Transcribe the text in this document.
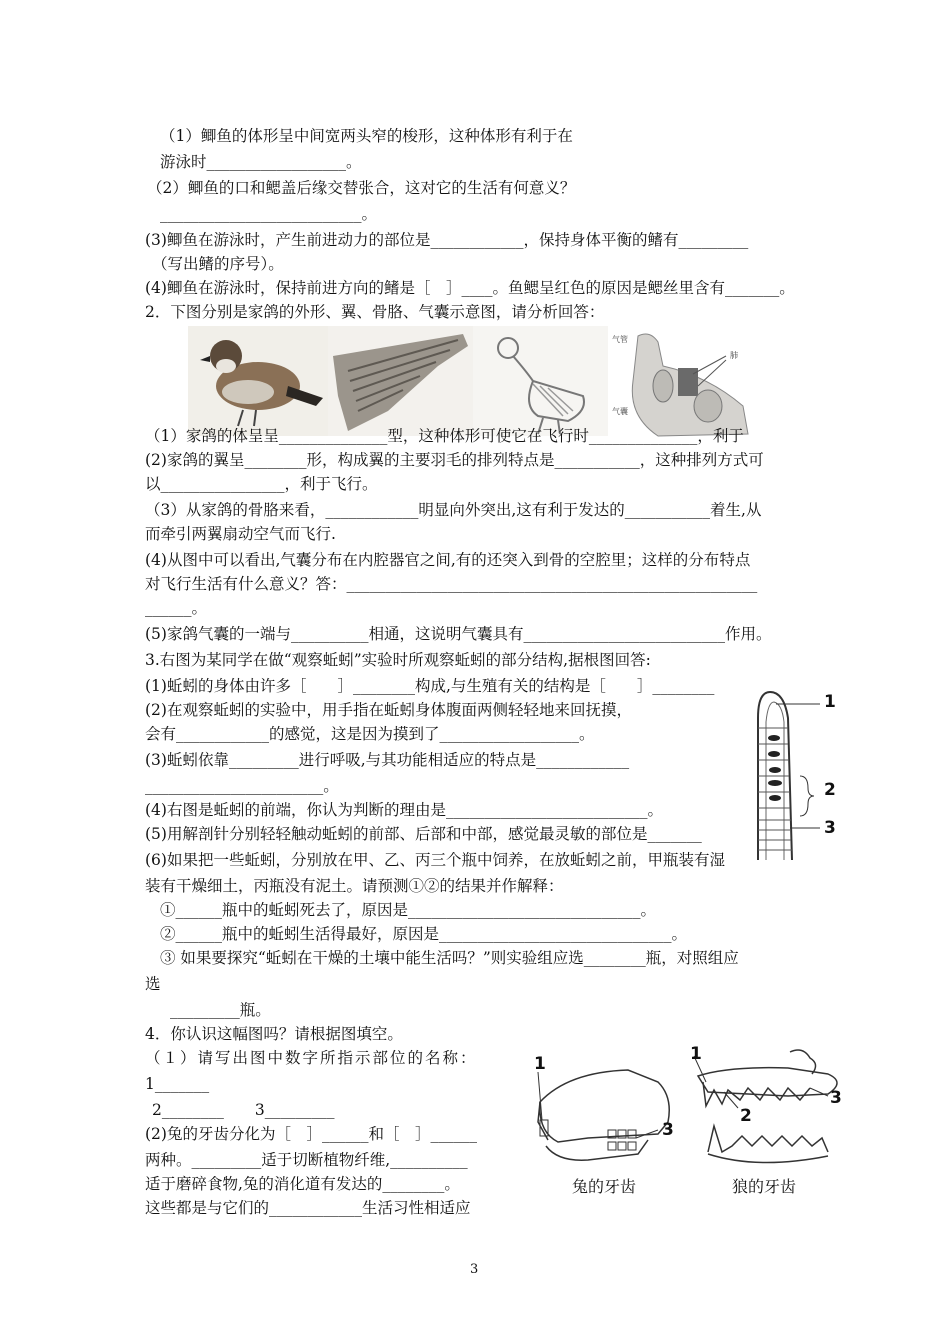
（1）鲫鱼的体形呈中间宽两头窄的梭形，这种体形有利于在
游泳时__________________。
（2）鲫鱼的口和鳃盖后缘交替张合，这对它的生活有何意义？
__________________________。
(3)鲫鱼在游泳时，产生前进动力的部位是____________，保持身体平衡的鳍有_________
（写出鳍的序号）。
(4)鲫鱼在游泳时，保持前进方向的鳍是［　］____。鱼鳃呈红色的原因是鳃丝里含有_______。
2．下图分别是家鸽的外形、翼、骨胳、气囊示意图，请分析回答：
气管
气囊
肺
（1）家鸽的体呈呈______________型，这种体形可使它在飞行时______________，利于
(2)家鸽的翼呈________形，构成翼的主要羽毛的排列特点是___________，这种排列方式可
以________________，利于飞行。
（3）从家鸽的骨胳来看，____________明显向外突出,这有利于发达的___________着生,从
而牵引两翼扇动空气而飞行.
(4)从图中可以看出,气囊分布在内腔器官之间,有的还突入到骨的空腔里；这样的分布特点
对飞行生活有什么意义？答：_____________________________________________________
______。
(5)家鸽气囊的一端与__________相通，这说明气囊具有__________________________作用。
3.右图为某同学在做“观察蚯蚓”实验时所观察蚯蚓的部分结构,据根图回答:
(1)蚯蚓的身体由许多［　　］________构成,与生殖有关的结构是［　　］________
(2)在观察蚯蚓的实验中，用手指在蚯蚓身体腹面两侧轻轻地来回抚摸，
会有____________的感觉，这是因为摸到了__________________。
(3)蚯蚓依靠_________进行呼吸,与其功能相适应的特点是____________
_______________________。
(4)右图是蚯蚓的前端，你认为判断的理由是__________________________。
(5)用解剖针分别轻轻触动蚯蚓的前部、后部和中部，感觉最灵敏的部位是_______
(6)如果把一些蚯蚓，分别放在甲、乙、丙三个瓶中饲养，在放蚯蚓之前，甲瓶装有湿
装有干燥细土，丙瓶没有泥土。请预测①②的结果并作解释：
①______瓶中的蚯蚓死去了，原因是______________________________。
②______瓶中的蚯蚓生活得最好，原因是______________________________。
③ 如果要探究“蚯蚓在干燥的土壤中能生活吗？”则实验组应选________瓶，对照组应
选
_________瓶。
1
2
3
4．你认识这幅图吗？请根据图填空。
（１）请写出图中数字所指示部位的名称：
1_______
2________　　3_________
(2)兔的牙齿分化为［　］______和［　］______
两种。_________适于切断植物纤维,__________
适于磨碎食物,兔的消化道有发达的________。
这些都是与它们的____________生活习性相适应
1
3
1
2
3
兔的牙齿	狼的牙齿
3
